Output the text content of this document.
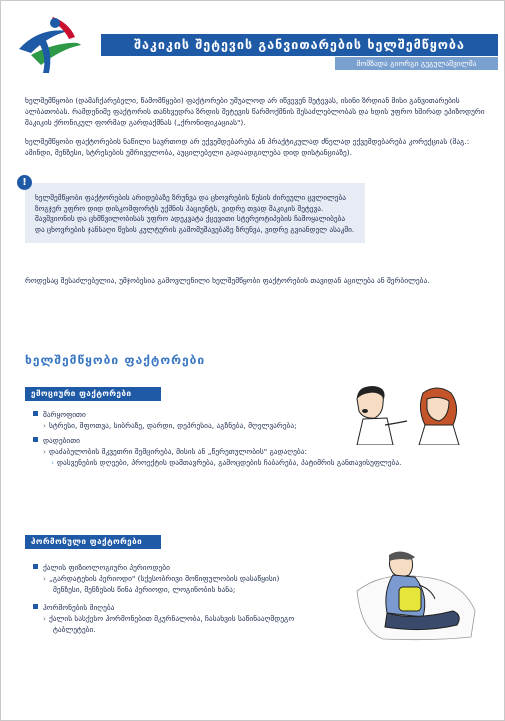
შაკიკის შეტევის განვითარების ხელშემწყობა
მომზადა გიორგი გუგულაშვილმა
ხელშემწყობი (დამაჩქარებელი, წამომწყები) ფაქტორები უშუალოდ არ იწვევენ შეტევას, ისინი ზრდიან მისი განვითარების ალბათობას. რამდენიმე ფაქტორის თანხვედრა ზრდის შეტევის წარმოქმნის შესაძლებლობას და ხდის უფრო ხშირად ეპიზოდური შაკიკის ქრონიკულ ფორმად გარდაქმნას („ქრონიფიკაციას").
ხელშემწყობი ფაქტორების ნაწილი სავრთოდ არ ექვემდებარება ან პრაქტიკულად ძნელად ექვემდებარება კორექციას (მაგ.: ამინდი, მენზესი, სტრესების უშრიველობა, აუცილებელი გადაადგილება დიდ დისტანციაზე).
!
ხელშემწყობი ფაქტორების არიდებაზე ზრუნვა და ცხოვრების წესის ძირეული ცვლილება ზოგჯერ უფრო დიდ დისკომფორტს უქმნის პაციენტს, ვიდრე თვად შაკიკის შეტევა. შავშვიონის და ცხმწვილობისას უფრო ადეკვატა ქცევითი სტერეოტიპების ჩამოყალიბება და ცხოვრების ჯანსაღი წესის კულტურის გამომუშავებაზე ზრუნვა, ვიდრე გვიანდელ ასაკში.
როდესაც შესაძლებელია, უმჯობესია გამოვლენილი ხელშემწყობი ფაქტორების თავიდან აცილება ან შერბილება.
ხელშემწყობი ფაქტორები
ემოციური ფაქტორები
შარყოფითი
› სტრესი, შფოთვა, სიბრაზე, დარდი, დეპრესია, აგზნება, მღელვარება;
დადებითი
› დაძაბულობის მკვეთრი შემცირება, მისის ან „წერეთულობის" გადაღება:
› დასვენების დღეები, პროექტის დამთავრება, გამოცდების ჩაბარება, პატიმრის განთავისუფლება.
ჰორმონული ფაქტორები
ქალის ფიზიოლოგიური პერიოდები
› „გარდატეხის პერიოდი" (სქესობრივი მოწიფულობის დასაწყისი)
მენზესი, მენზესის წინა პერიოდი, ლოგინობის ხანა;
ჰორმონების მიღება
› ქალის სასქესო ჰორმონებით მკურნალობა, ჩასახვის საწინააღმდეგო
ტაბლეტები.
